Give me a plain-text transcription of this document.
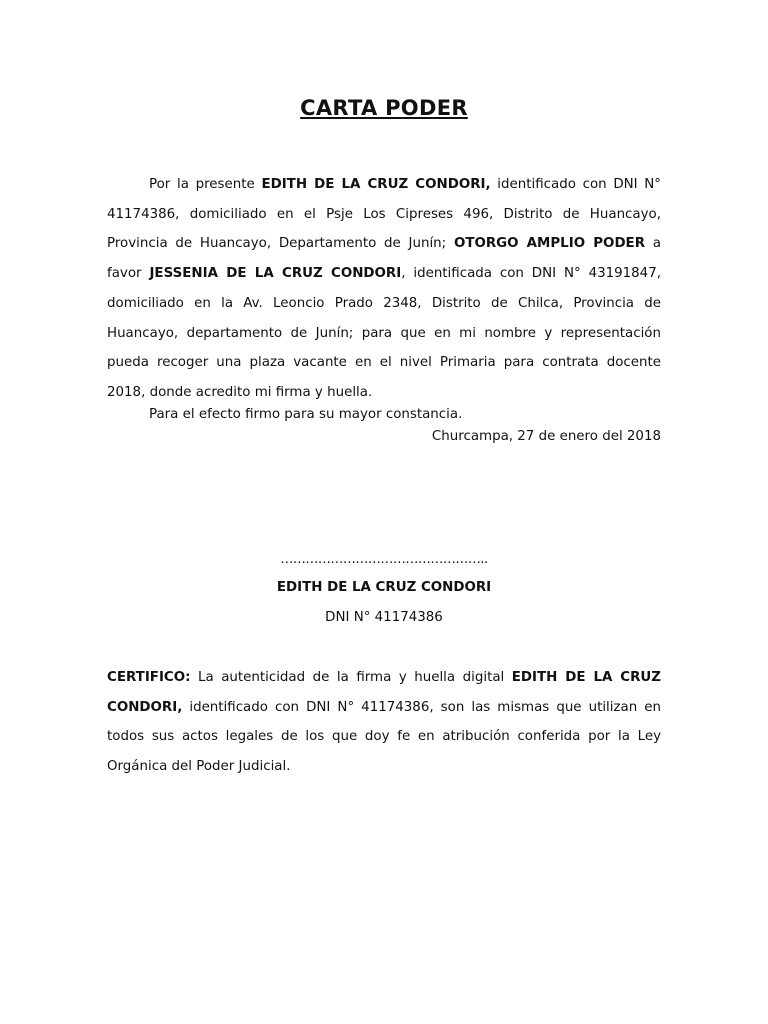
CARTA PODER

Por la presente EDITH DE LA CRUZ CONDORI, identificado con DNI N° 41174386, domiciliado en el Psje Los Cipreses 496, Distrito de Huancayo, Provincia de Huancayo, Departamento de Junín; OTORGO AMPLIO PODER a favor JESSENIA DE LA CRUZ CONDORI, identificada con DNI N° 43191847, domiciliado en la Av. Leoncio Prado 2348, Distrito de Chilca, Provincia de Huancayo, departamento de Junín; para que en mi nombre y representación pueda recoger una plaza vacante en el nivel Primaria para contrata docente 2018, donde acredito mi firma y huella.

Para el efecto firmo para su mayor constancia.

Churcampa, 27 de enero del 2018
…………………………………………..
EDITH DE LA CRUZ CONDORI
DNI N° 41174386

CERTIFICO: La autenticidad de la firma y huella digital EDITH DE LA CRUZ CONDORI, identificado con DNI N° 41174386, son las mismas que utilizan en todos sus actos legales de los que doy fe en atribución conferida por la Ley Orgánica del Poder Judicial.
